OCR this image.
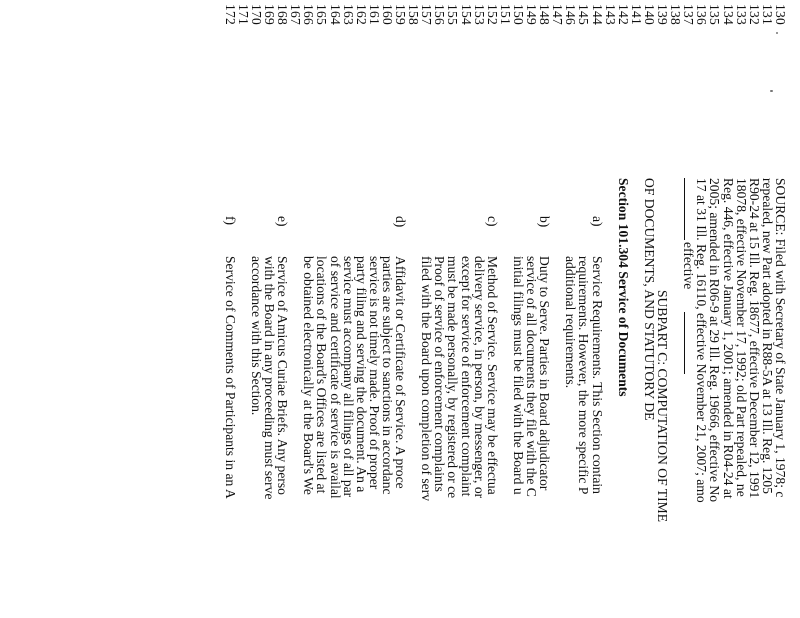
130
SOURCE: Filed with Secretary of State January 1, 1978; c
131
repealed, new Part adopted in R88-5A at 13 Ill. Reg. 1205
132
R90-24 at 15 Ill. Reg. 18677, effective December 12, 1991
133
18078, effective November 17, 1992; old Part repealed, ne
134
Reg. 446, effective January 1, 2001; amended in R04-24 at
135
2005; amended in R06-9 at 29 Ill. Reg. 19666, effective No
136
17 at 31 Ill. Reg. 16110, effective November 21, 2007; amo
137
effective
138
139
SUBPART C: COMPUTATION OF TIME
140
OF DOCUMENTS, AND STATUTORY DE
141
142
Section 101.304 Service of Documents
143
144
a)
Service Requirements. This Section contain
145
requirements. However, the more specific P
146
additional requirements.
147
148
b)
Duty to Serve. Parties in Board adjudicator
149
service of all documents they file with the C
150
initial filings must be filed with the Board u
151
152
c)
Method of Service. Service may be effectua
153
delivery service, in person, by messenger, or
154
except for service of enforcement complaint
155
must be made personally, by registered or ce
156
Proof of service of enforcement complaints
157
filed with the Board upon completion of serv
158
159
d)
Affidavit or Certificate of Service. A proce
160
parties are subject to sanctions in accordanc
161
service is not timely made. Proof of proper
162
party filing and serving the document. An a
163
service must accompany all filings of all par
164
of service and certificate of service is availal
165
locations of the Board's Offices are listed at
166
be obtained electronically at the Board's We
167
168
e)
Service of Amicus Curiae Briefs. Any perso
169
with the Board in any proceeding must serve
170
accordance with this Section.
171
172
f)
Service of Comments of Participants in an A
